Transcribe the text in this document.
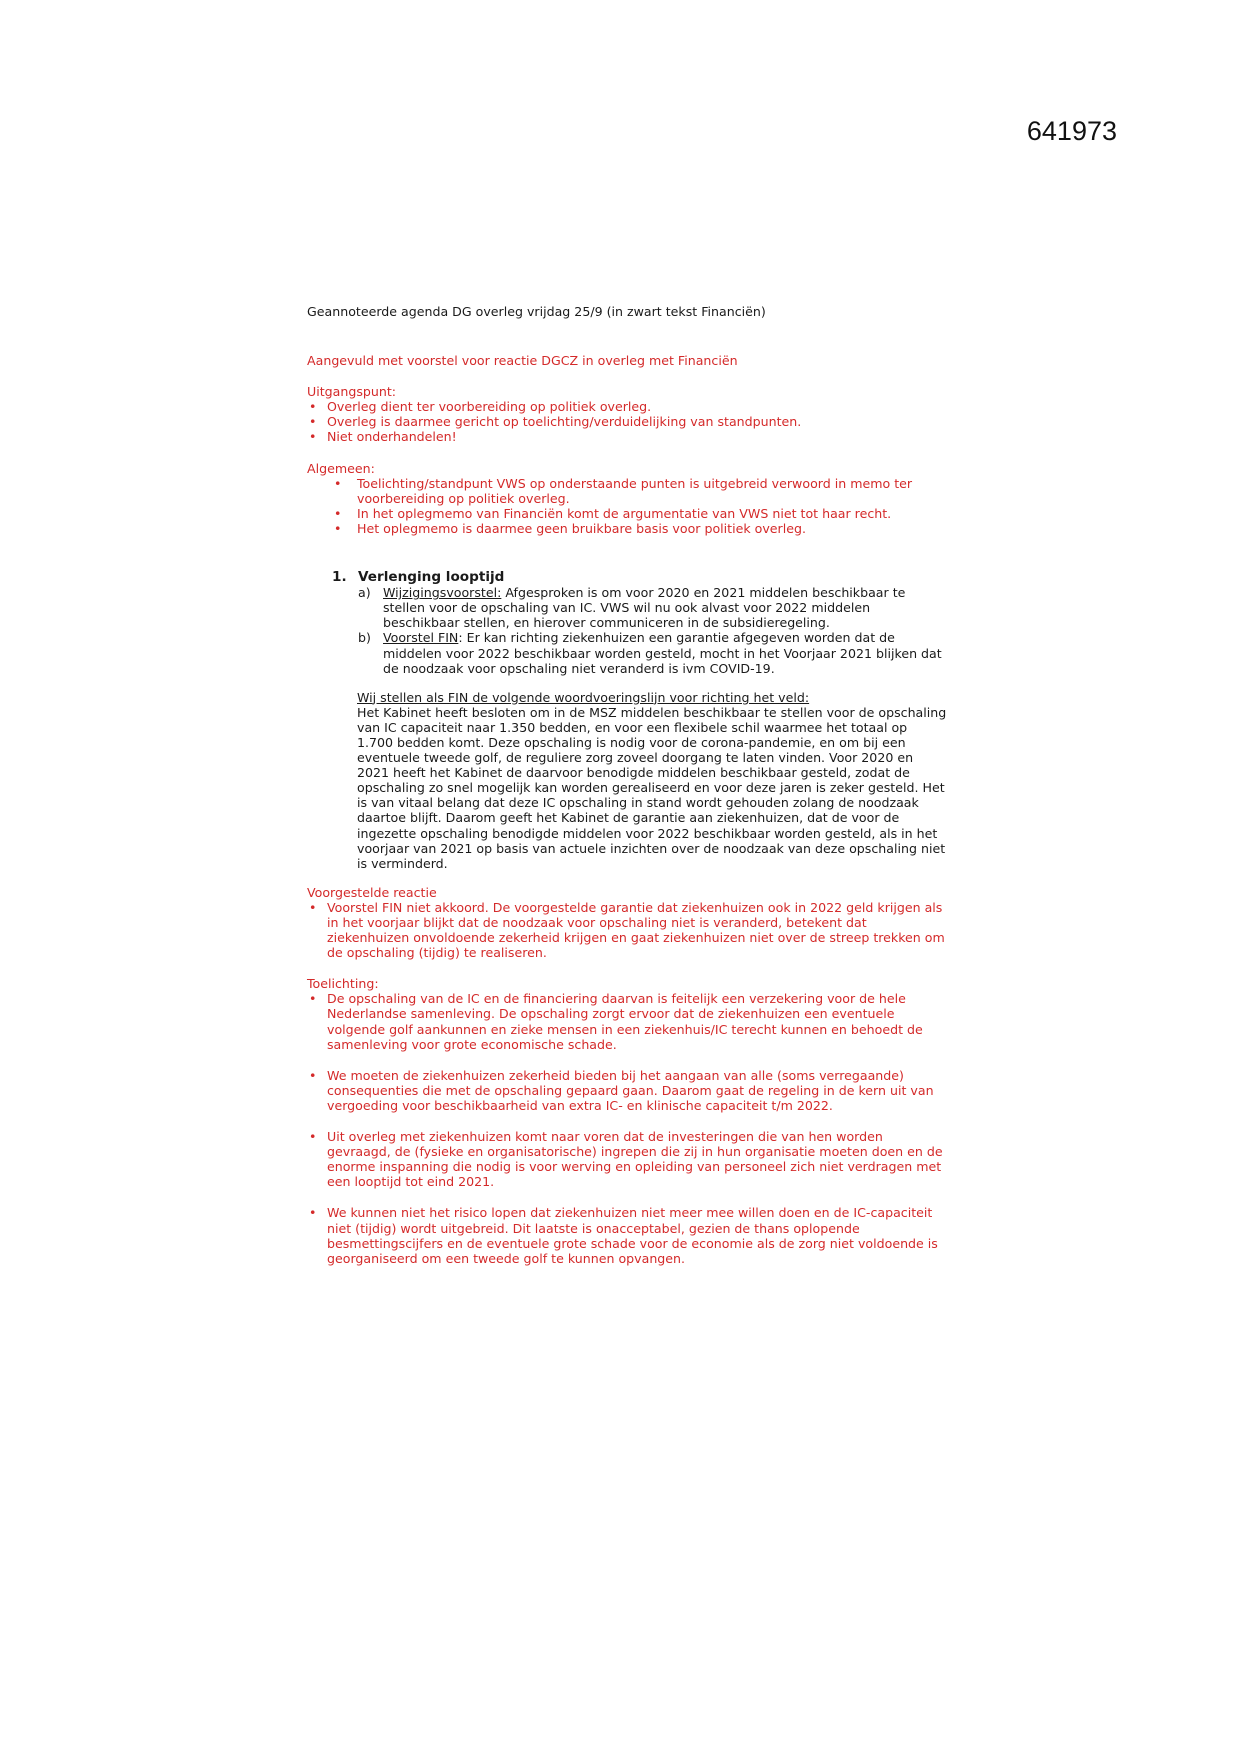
641973

Geannoteerde agenda DG overleg vrijdag 25/9 (in zwart tekst Financiën)

Aangevuld met voorstel voor reactie DGCZ in overleg met Financiën

Uitgangspunt:

• Overleg dient ter voorbereiding op politiek overleg.
• Overleg is daarmee gericht op toelichting/verduidelijking van standpunten.
• Niet onderhandelen!

Algemeen:

• Toelichting/standpunt VWS op onderstaande punten is uitgebreid verwoord in memo ter voorbereiding op politiek overleg.
• In het oplegmemo van Financiën komt de argumentatie van VWS niet tot haar recht.
• Het oplegmemo is daarmee geen bruikbare basis voor politiek overleg.

1. Verlenging looptijd

a) Wijzigingsvoorstel: Afgesproken is om voor 2020 en 2021 middelen beschikbaar te stellen voor de opschaling van IC. VWS wil nu ook alvast voor 2022 middelen beschikbaar stellen, en hierover communiceren in de subsidieregeling.
b) Voorstel FIN: Er kan richting ziekenhuizen een garantie afgegeven worden dat de middelen voor 2022 beschikbaar worden gesteld, mocht in het Voorjaar 2021 blijken dat de noodzaak voor opschaling niet veranderd is ivm COVID-19.

Wij stellen als FIN de volgende woordvoeringslijn voor richting het veld:

Het Kabinet heeft besloten om in de MSZ middelen beschikbaar te stellen voor de opschaling van IC capaciteit naar 1.350 bedden, en voor een flexibele schil waarmee het totaal op 1.700 bedden komt. Deze opschaling is nodig voor de corona-pandemie, en om bij een eventuele tweede golf, de reguliere zorg zoveel doorgang te laten vinden. Voor 2020 en 2021 heeft het Kabinet de daarvoor benodigde middelen beschikbaar gesteld, zodat de opschaling zo snel mogelijk kan worden gerealiseerd en voor deze jaren is zeker gesteld. Het is van vitaal belang dat deze IC opschaling in stand wordt gehouden zolang de noodzaak daartoe blijft. Daarom geeft het Kabinet de garantie aan ziekenhuizen, dat de voor de ingezette opschaling benodigde middelen voor 2022 beschikbaar worden gesteld, als in het voorjaar van 2021 op basis van actuele inzichten over de noodzaak van deze opschaling niet is verminderd.

Voorgestelde reactie

• Voorstel FIN niet akkoord. De voorgestelde garantie dat ziekenhuizen ook in 2022 geld krijgen als in het voorjaar blijkt dat de noodzaak voor opschaling niet is veranderd, betekent dat ziekenhuizen onvoldoende zekerheid krijgen en gaat ziekenhuizen niet over de streep trekken om de opschaling (tijdig) te realiseren.

Toelichting:

• De opschaling van de IC en de financiering daarvan is feitelijk een verzekering voor de hele Nederlandse samenleving. De opschaling zorgt ervoor dat de ziekenhuizen een eventuele volgende golf aankunnen en zieke mensen in een ziekenhuis/IC terecht kunnen en behoedt de samenleving voor grote economische schade.
• We moeten de ziekenhuizen zekerheid bieden bij het aangaan van alle (soms verregaande) consequenties die met de opschaling gepaard gaan. Daarom gaat de regeling in de kern uit van vergoeding voor beschikbaarheid van extra IC- en klinische capaciteit t/m 2022.
• Uit overleg met ziekenhuizen komt naar voren dat de investeringen die van hen worden gevraagd, de (fysieke en organisatorische) ingrepen die zij in hun organisatie moeten doen en de enorme inspanning die nodig is voor werving en opleiding van personeel zich niet verdragen met een looptijd tot eind 2021.
• We kunnen niet het risico lopen dat ziekenhuizen niet meer mee willen doen en de IC-capaciteit niet (tijdig) wordt uitgebreid. Dit laatste is onacceptabel, gezien de thans oplopende besmettingscijfers en de eventuele grote schade voor de economie als de zorg niet voldoende is georganiseerd om een tweede golf te kunnen opvangen.
